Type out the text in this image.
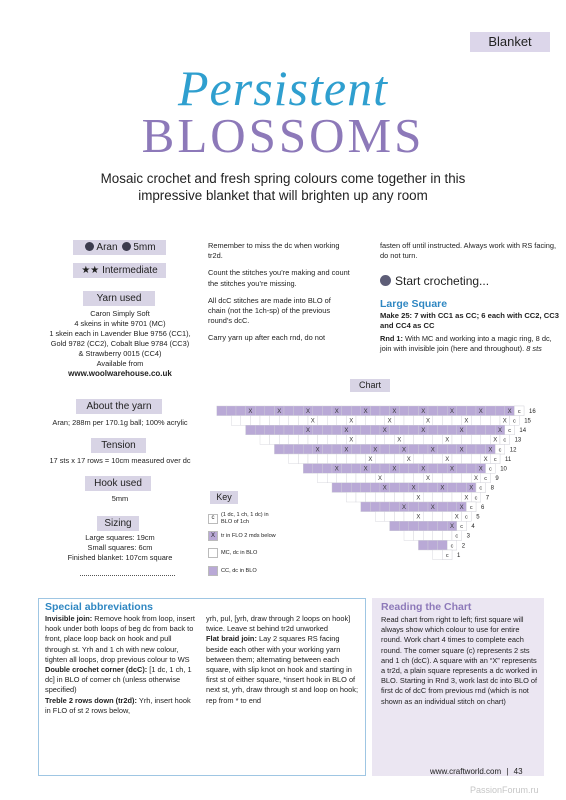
Blanket
Persistent
BLOSSOMS
Mosaic crochet and fresh spring colours come together in this impressive blanket that will brighten up any room
Aran 5mm
★★ Intermediate
Yarn used
Caron Simply Soft
4 skeins in white 9701 (MC)
1 skein each in Lavender Blue 9756 (CC1),
Gold 9782 (CC2), Cobalt Blue 9784 (CC3)
& Strawberry 0015 (CC4)
Available from
www.woolwarehouse.co.uk
About the yarn
Aran; 288m per 170.1g ball; 100% acrylic
Tension
17 sts x 17 rows = 10cm measured over dc
Hook used
5mm
Sizing
Large squares: 19cm
Small squares: 6cm
Finished blanket: 107cm square

Remember to miss the dc when working tr2d.

Count the stitches you’re making and count the stitches you’re missing.

All dcC stitches are made into BLO of chain (not the 1ch-sp) of the previous round’s dcC.

Carry yarn up after each rnd, do not

fasten off until instructed. Always work with RS facing, do not turn.
Start crocheting...
Large Square
Make 25: 7 with CC1 as CC; 6 each with CC2, CC3 and CC4 as CC
Rnd 1: With MC and working into a magic ring, 8 dc, join with invisible join (here and throughout). 8 sts
Chart
c
X
X
X
X
X
X
X
X
X
X	16
c
X
X
X
X
X
X	15
c
X
X
X
X
X
X	14
c
X
X
X
X	13
c
X
X
X
X
X
X
X	12
c
X
X
X
X	11
c
X
X
X
X
X
X	10
c
X
X
X	9
c
X
X
X
X	8
c
X
X	7
c
X
X
X	6
c
X
X	5
c
X	4
c 3
c 2
c 1
Key
c
(1 dc, 1 ch, 1 dc) in BLO of 1ch
X	tr in FLO 2 mds below
MC, dc in BLO
CC, dc in BLO
Special abbreviations
Invisible join: Remove hook from loop, insert hook under both loops of beg dc from back to front, place loop back on hook and pull through st. Yrh and 1 ch with new colour, tighten all loops, drop previous colour to WS
Double crochet corner (dcC): [1 dc, 1 ch, 1 dc] in BLO of corner ch (unless otherwise specified)
Treble 2 rows down (tr2d): Yrh, insert hook in FLO of st 2 rows below,
yrh, pul, [yrh, draw through 2 loops on hook] twice. Leave st behind tr2d unworked
Flat braid join: Lay 2 squares RS facing beside each other with your working yarn between them; alternating between each square, with slip knot on hook and starting in first st of either square, *insert hook in BLO of next st, yrh, draw through st and loop on hook; rep from * to end
Reading the Chart
Read chart from right to left; first square will always show which colour to use for entire round. Work chart 4 times to complete each round. The corner square (c) represents 2 sts and 1 ch (dcC). A square with an “X” represents a tr2d, a plain square represents a dc worked in BLO. Starting in Rnd 3, work last dc into BLO of first dc of dcC from previous rnd (which is not shown as an individual stitch on chart)
www.craftworld.com | 43
PassionForum.ru
